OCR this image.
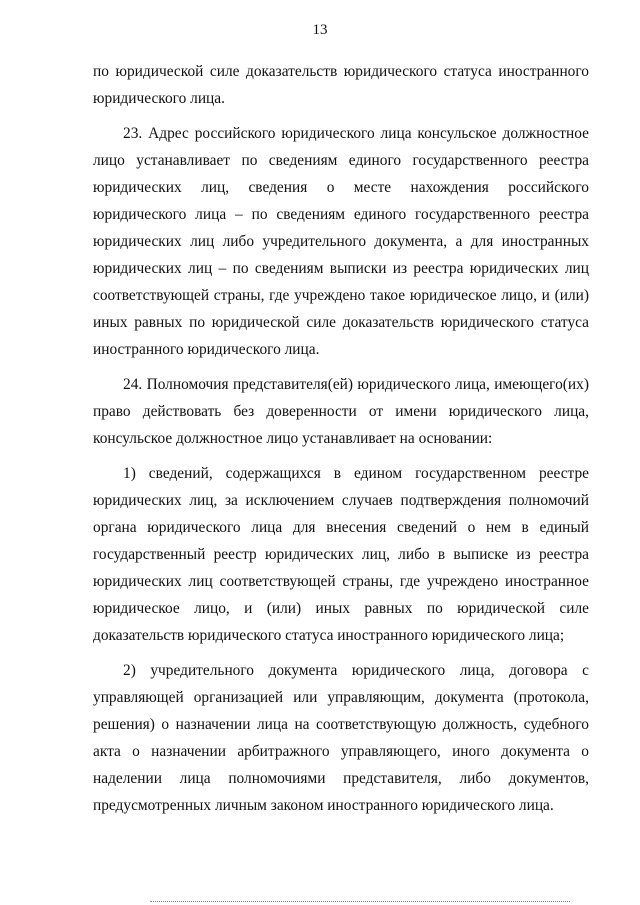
13

по юридической силе доказательств юридического статуса иностранного юридического лица.

23. Адрес российского юридического лица консульское должностное лицо устанавливает по сведениям единого государственного реестра юридических лиц, сведения о месте нахождения российского юридического лица – по сведениям единого государственного реестра юридических лиц либо учредительного документа, а для иностранных юридических лиц – по сведениям выписки из реестра юридических лиц соответствующей страны, где учреждено такое юридическое лицо, и (или) иных равных по юридической силе доказательств юридического статуса иностранного юридического лица.

24. Полномочия представителя(ей) юридического лица, имеющего(их) право действовать без доверенности от имени юридического лица, консульское должностное лицо устанавливает на основании:

1) сведений, содержащихся в едином государственном реестре юридических лиц, за исключением случаев подтверждения полномочий органа юридического лица для внесения сведений о нем в единый государственный реестр юридических лиц, либо в выписке из реестра юридических лиц соответствующей страны, где учреждено иностранное юридическое лицо, и (или) иных равных по юридической силе доказательств юридического статуса иностранного юридического лица;

2) учредительного документа юридического лица, договора с управляющей организацией или управляющим, документа (протокола, решения) о назначении лица на соответствующую должность, судебного акта о назначении арбитражного управляющего, иного документа о наделении лица полномочиями представителя, либо документов, предусмотренных личным законом иностранного юридического лица.
